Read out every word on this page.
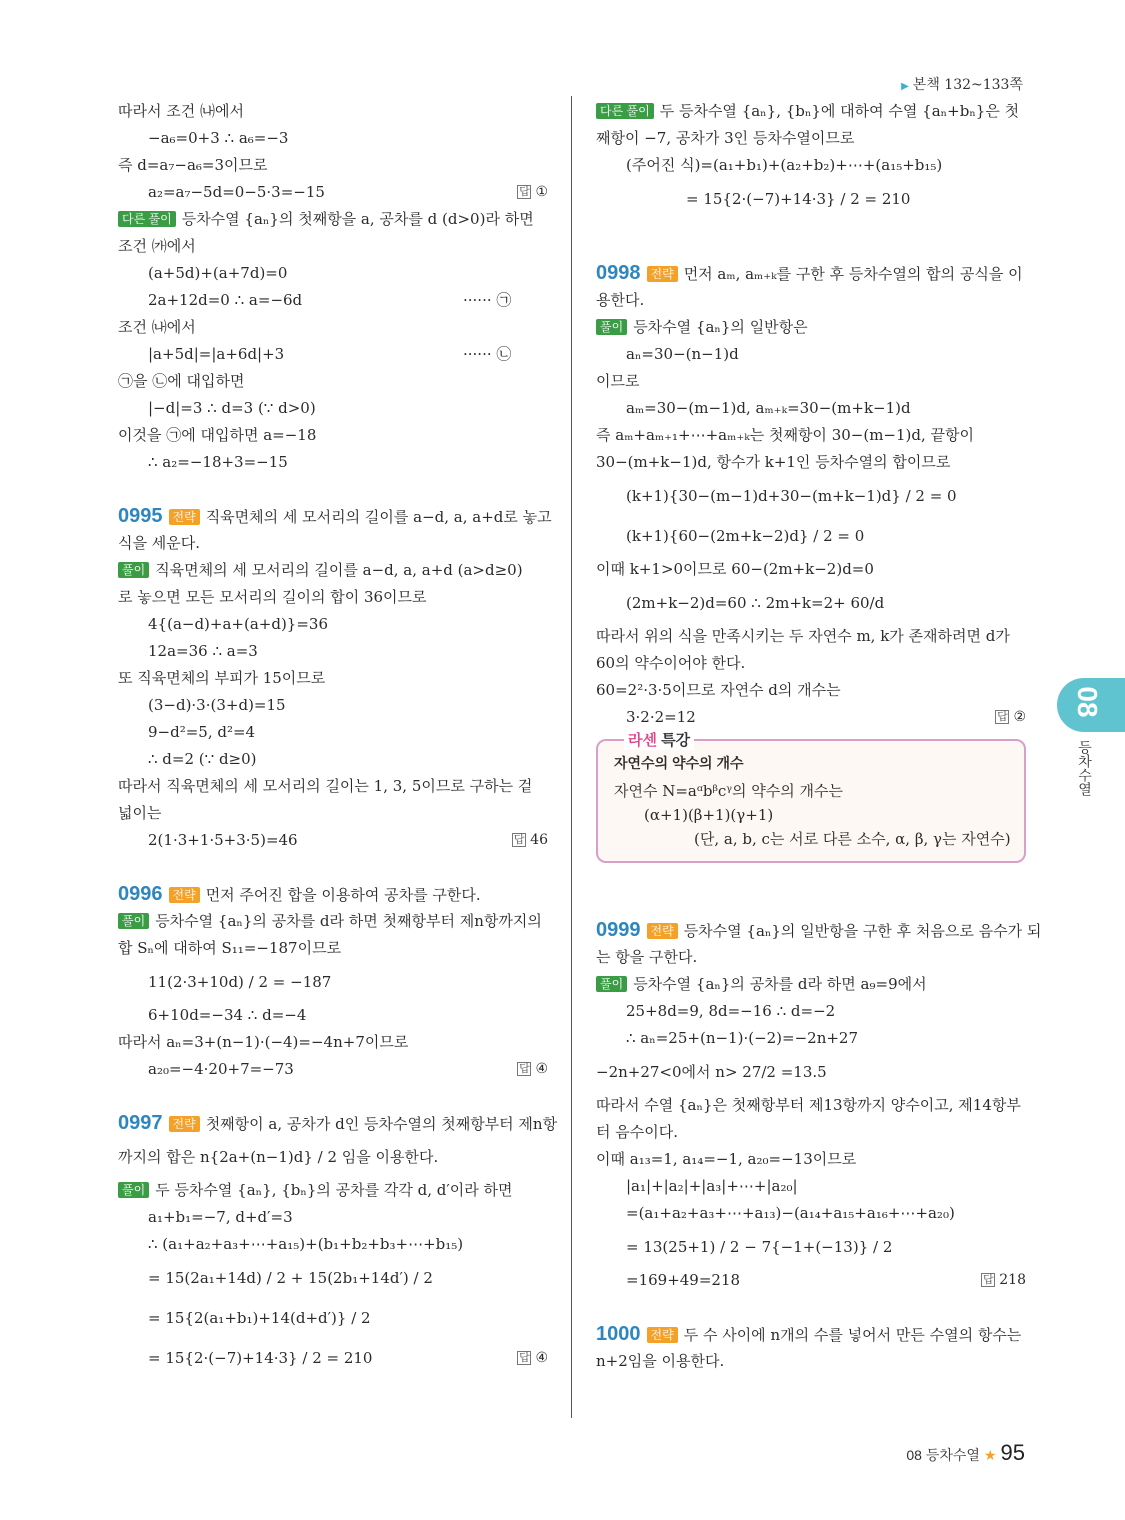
▶ 본책 132~133쪽
따라서 조건 ㈏에서
−a₆=0+3 ∴ a₆=−3
즉 d=a₇−a₆=3이므로
a₂=a₇−5d=0−5·3=−15	답 ①
다른 풀이 등차수열 {aₙ}의 첫째항을 a, 공차를 d (d>0)라 하면
조건 ㈎에서
(a+5d)+(a+7d)=0
2a+12d=0 ∴ a=−6d	······ ㉠
조건 ㈏에서
|a+5d|=|a+6d|+3	······ ㉡
㉠을 ㉡에 대입하면
|−d|=3 ∴ d=3 (∵ d>0)
이것을 ㉠에 대입하면 a=−18
∴ a₂=−18+3=−15
0995 전략 직육면체의 세 모서리의 길이를 a−d, a, a+d로 놓고
식을 세운다.
풀이 직육면체의 세 모서리의 길이를 a−d, a, a+d (a>d≥0)
로 놓으면 모든 모서리의 길이의 합이 36이므로
4{(a−d)+a+(a+d)}=36
12a=36 ∴ a=3
또 직육면체의 부피가 15이므로
(3−d)·3·(3+d)=15
9−d²=5, d²=4
∴ d=2 (∵ d≥0)
따라서 직육면체의 세 모서리의 길이는 1, 3, 5이므로 구하는 겉
넓이는
2(1·3+1·5+3·5)=46	답 46
0996 전략 먼저 주어진 합을 이용하여 공차를 구한다.
풀이 등차수열 {aₙ}의 공차를 d라 하면 첫째항부터 제n항까지의
합 Sₙ에 대하여 S₁₁=−187이므로
11(2·3+10d) / 2 = −187
6+10d=−34 ∴ d=−4
따라서 aₙ=3+(n−1)·(−4)=−4n+7이므로
a₂₀=−4·20+7=−73	답 ④
0997 전략 첫째항이 a, 공차가 d인 등차수열의 첫째항부터 제n항
까지의 합은 n{2a+(n−1)d} / 2 임을 이용한다.
풀이 두 등차수열 {aₙ}, {bₙ}의 공차를 각각 d, d′이라 하면
a₁+b₁=−7, d+d′=3
∴ (a₁+a₂+a₃+⋯+a₁₅)+(b₁+b₂+b₃+⋯+b₁₅)
= 15(2a₁+14d) / 2 + 15(2b₁+14d′) / 2
= 15{2(a₁+b₁)+14(d+d′)} / 2
= 15{2·(−7)+14·3} / 2 = 210	답 ④
다른 풀이 두 등차수열 {aₙ}, {bₙ}에 대하여 수열 {aₙ+bₙ}은 첫
째항이 −7, 공차가 3인 등차수열이므로
(주어진 식)=(a₁+b₁)+(a₂+b₂)+⋯+(a₁₅+b₁₅)
= 15{2·(−7)+14·3} / 2 = 210
0998 전략 먼저 aₘ, aₘ₊ₖ를 구한 후 등차수열의 합의 공식을 이
용한다.
풀이 등차수열 {aₙ}의 일반항은
aₙ=30−(n−1)d
이므로
aₘ=30−(m−1)d, aₘ₊ₖ=30−(m+k−1)d
즉 aₘ+aₘ₊₁+⋯+aₘ₊ₖ는 첫째항이 30−(m−1)d, 끝항이
30−(m+k−1)d, 항수가 k+1인 등차수열의 합이므로
(k+1){30−(m−1)d+30−(m+k−1)d} / 2 = 0
(k+1){60−(2m+k−2)d} / 2 = 0
이때 k+1>0이므로 60−(2m+k−2)d=0
(2m+k−2)d=60 ∴ 2m+k=2+ 60/d
따라서 위의 식을 만족시키는 두 자연수 m, k가 존재하려면 d가
60의 약수이어야 한다.
60=2²·3·5이므로 자연수 d의 개수는
3·2·2=12	답 ②
라센 특강
자연수의 약수의 개수
자연수 N=aᵅbᵝcᵞ의 약수의 개수는
(α+1)(β+1)(γ+1)
(단, a, b, c는 서로 다른 소수, α, β, γ는 자연수)
0999 전략 등차수열 {aₙ}의 일반항을 구한 후 처음으로 음수가 되
는 항을 구한다.
풀이 등차수열 {aₙ}의 공차를 d라 하면 a₉=9에서
25+8d=9, 8d=−16 ∴ d=−2
∴ aₙ=25+(n−1)·(−2)=−2n+27
−2n+27<0에서 n> 27/2 =13.5
따라서 수열 {aₙ}은 첫째항부터 제13항까지 양수이고, 제14항부
터 음수이다.
이때 a₁₃=1, a₁₄=−1, a₂₀=−13이므로
|a₁|+|a₂|+|a₃|+⋯+|a₂₀|
=(a₁+a₂+a₃+⋯+a₁₃)−(a₁₄+a₁₅+a₁₆+⋯+a₂₀)
= 13(25+1) / 2 − 7{−1+(−13)} / 2
=169+49=218	답 218
1000 전략 두 수 사이에 n개의 수를 넣어서 만든 수열의 항수는
n+2임을 이용한다.
08
등차수열
08 등차수열 ★ 95
